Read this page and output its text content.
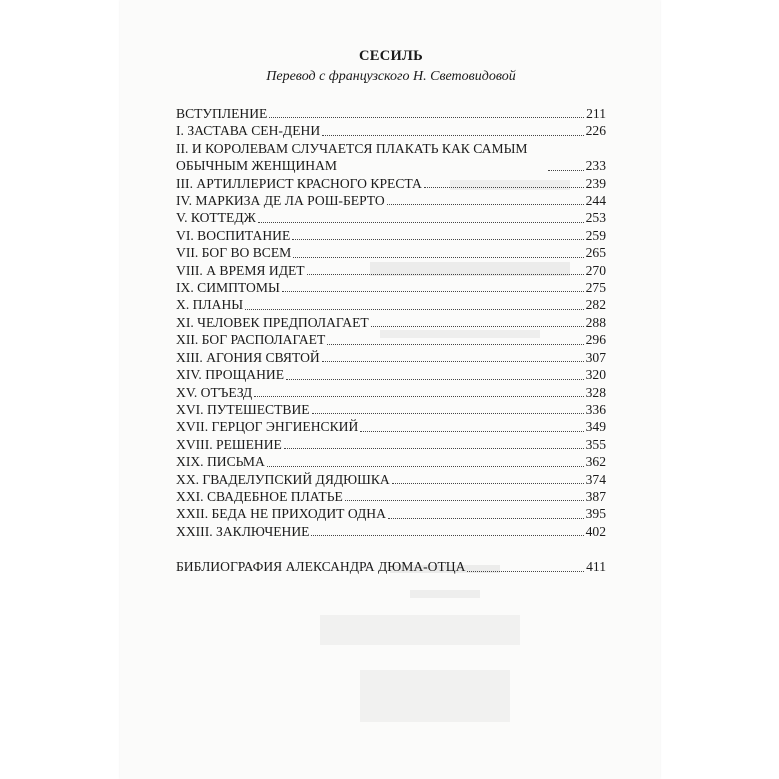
СЕСИЛЬ
Перевод с французского Н. Световидовой
ВСТУПЛЕНИЕ	211
I. ЗАСТАВА СЕН-ДЕНИ	226
II. И КОРОЛЕВАМ СЛУЧАЕТСЯ ПЛАКАТЬ КАК САМЫМ ОБЫЧНЫМ ЖЕНЩИНАМ	233
III. АРТИЛЛЕРИСТ КРАСНОГО КРЕСТА	239
IV. МАРКИЗА ДЕ ЛА РОШ-БЕРТО	244
V. КОТТЕДЖ	253
VI. ВОСПИТАНИЕ	259
VII. БОГ ВО ВСЕМ	265
VIII. А ВРЕМЯ ИДЕТ	270
IX. СИМПТОМЫ	275
X. ПЛАНЫ	282
XI. ЧЕЛОВЕК ПРЕДПОЛАГАЕТ	288
XII. БОГ РАСПОЛАГАЕТ	296
XIII. АГОНИЯ СВЯТОЙ	307
XIV. ПРОЩАНИЕ	320
XV. ОТЪЕЗД	328
XVI. ПУТЕШЕСТВИЕ	336
XVII. ГЕРЦОГ ЭНГИЕНСКИЙ	349
XVIII. РЕШЕНИЕ	355
XIX. ПИСЬМА	362
XX. ГВАДЕЛУПСКИЙ ДЯДЮШКА	374
XXI. СВАДЕБНОЕ ПЛАТЬЕ	387
XXII. БЕДА НЕ ПРИХОДИТ ОДНА	395
XXIII. ЗАКЛЮЧЕНИЕ	402
БИБЛИОГРАФИЯ АЛЕКСАНДРА ДЮМА-ОТЦА	411
